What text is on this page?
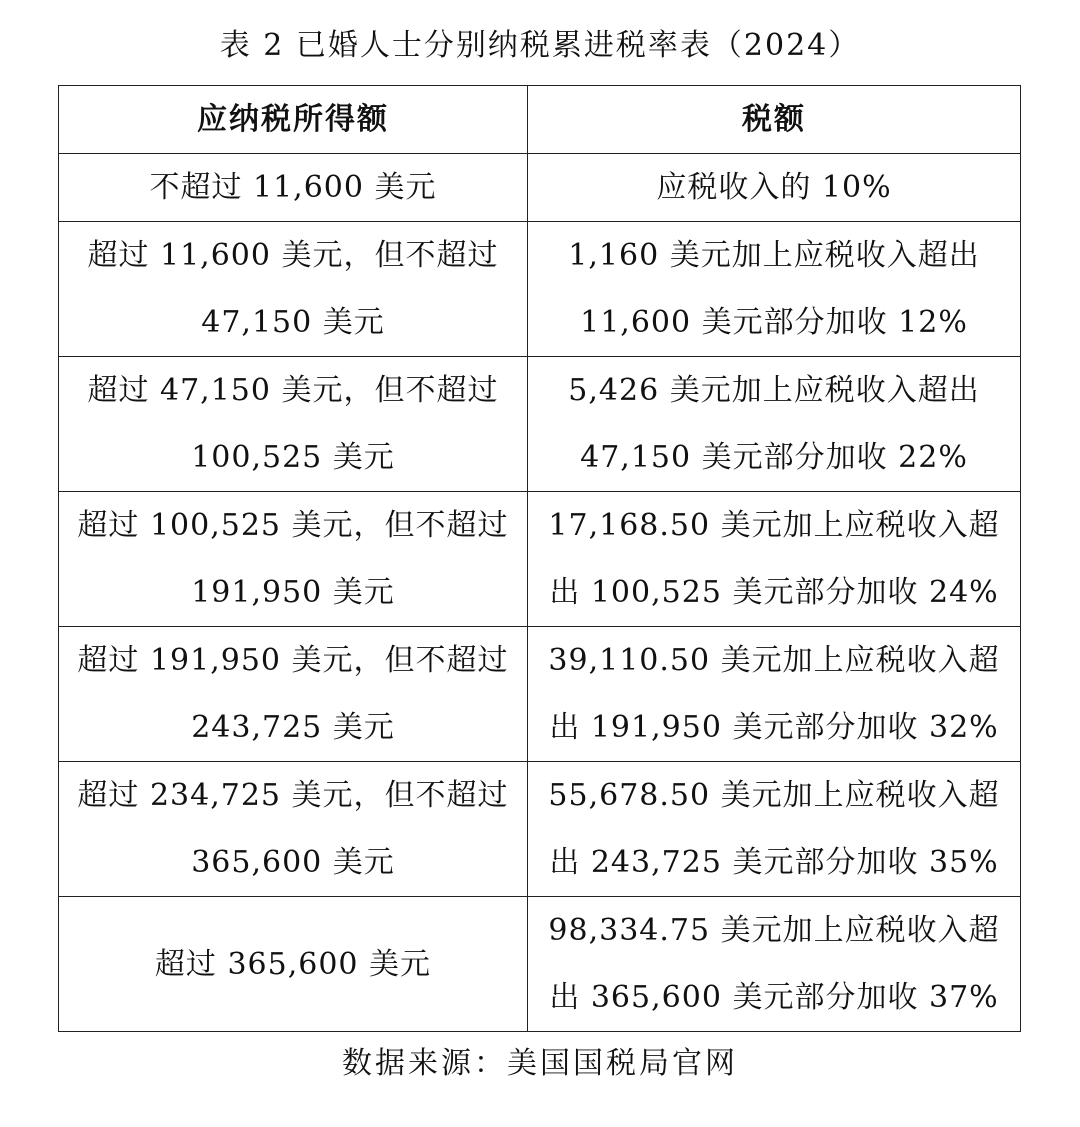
表 2 已婚人士分别纳税累进税率表（2024）
应纳税所得额	税额

不超过 11,600 美元	应税收入的 10%

超过 11,600 美元，但不超过
47,150 美元	1,160 美元加上应税收入超出
11,600 美元部分加收 12%

超过 47,150 美元，但不超过
100,525 美元	5,426 美元加上应税收入超出
47,150 美元部分加收 22%

超过 100,525 美元，但不超过
191,950 美元	17,168.50 美元加上应税收入超
出 100,525 美元部分加收 24%

超过 191,950 美元，但不超过
243,725 美元	39,110.50 美元加上应税收入超
出 191,950 美元部分加收 32%

超过 234,725 美元，但不超过
365,600 美元	55,678.50 美元加上应税收入超
出 243,725 美元部分加收 35%

超过 365,600 美元	98,334.75 美元加上应税收入超
出 365,600 美元部分加收 37%
数据来源：美国国税局官网
